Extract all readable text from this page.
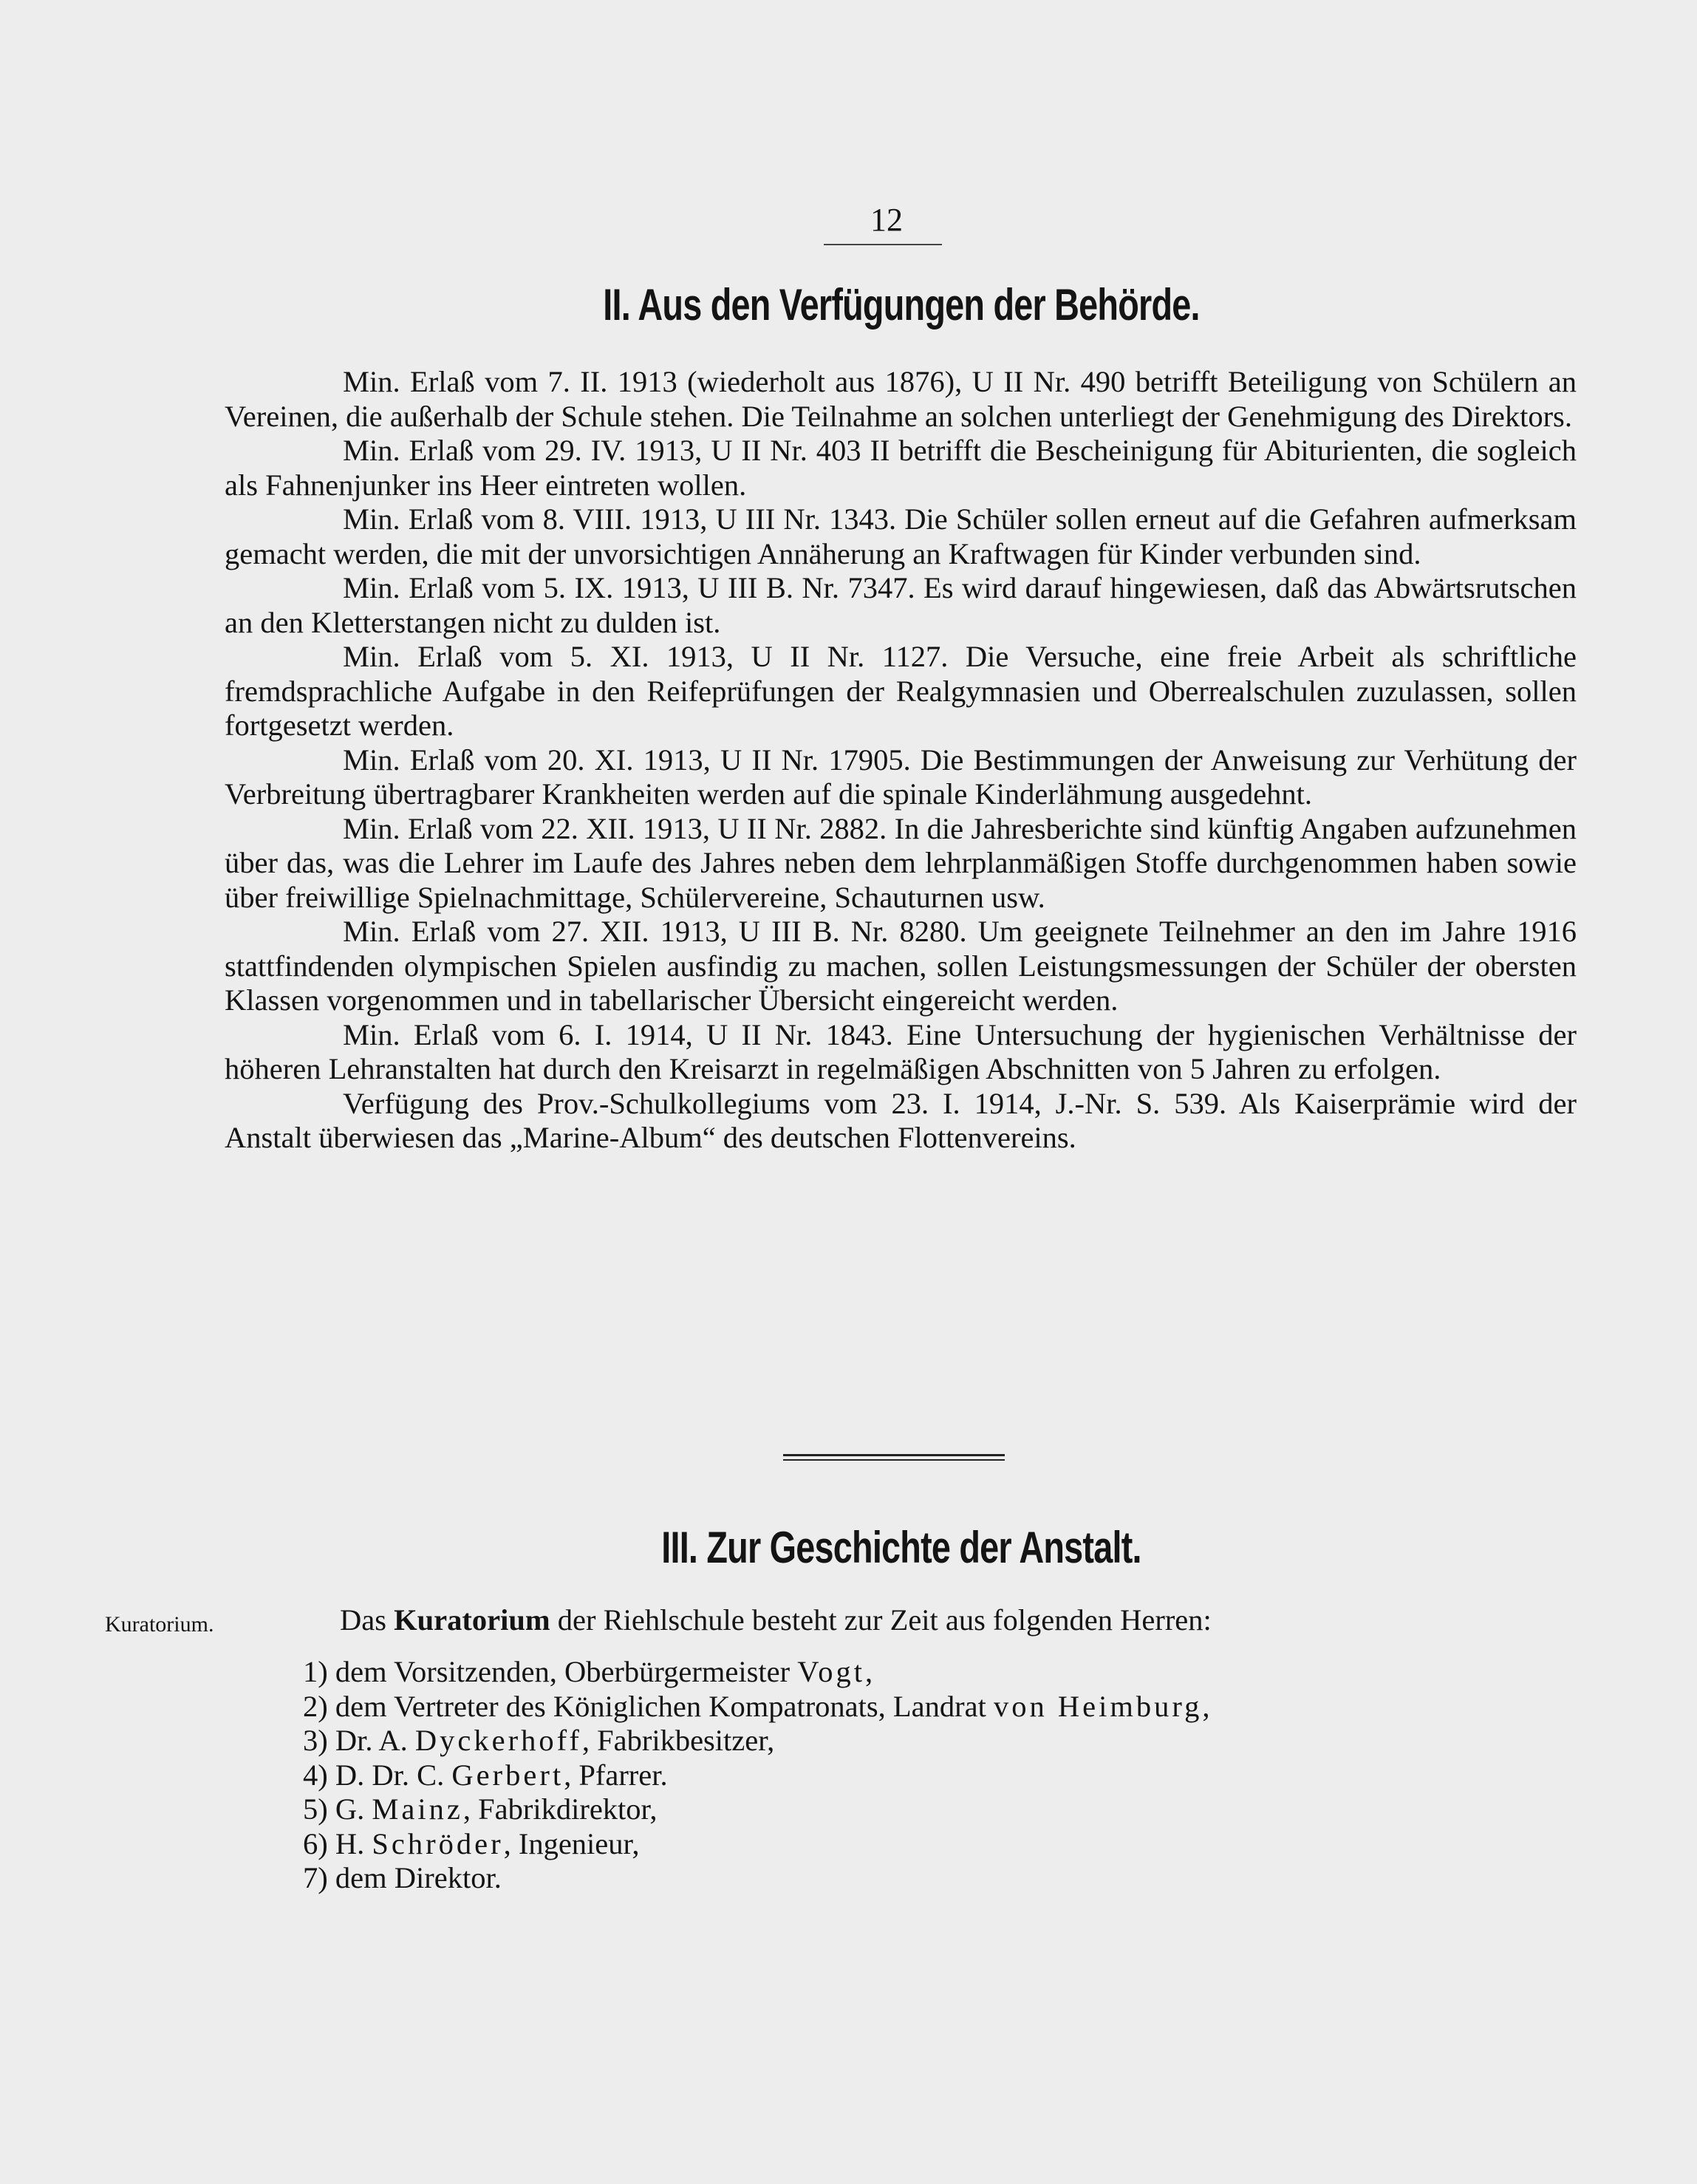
12
II. Aus den Verfügungen der Behörde.

Min. Erlaß vom 7. II. 1913 (wiederholt aus 1876), U II Nr. 490 betrifft Beteiligung von Schülern an Vereinen, die außerhalb der Schule stehen. Die Teilnahme an solchen unterliegt der Genehmigung des Direktors.

Min. Erlaß vom 29. IV. 1913, U II Nr. 403 II betrifft die Bescheinigung für Abiturienten, die sogleich als Fahnenjunker ins Heer eintreten wollen.

Min. Erlaß vom 8. VIII. 1913, U III Nr. 1343. Die Schüler sollen erneut auf die Gefahren aufmerksam gemacht werden, die mit der unvorsichtigen Annäherung an Kraftwagen für Kinder verbunden sind.

Min. Erlaß vom 5. IX. 1913, U III B. Nr. 7347. Es wird darauf hingewiesen, daß das Abwärtsrutschen an den Kletterstangen nicht zu dulden ist.

Min. Erlaß vom 5. XI. 1913, U II Nr. 1127. Die Versuche, eine freie Arbeit als schriftliche fremdsprachliche Aufgabe in den Reifeprüfungen der Realgymnasien und Oberrealschulen zuzulassen, sollen fortgesetzt werden.

Min. Erlaß vom 20. XI. 1913, U II Nr. 17905. Die Bestimmungen der Anweisung zur Verhütung der Verbreitung übertragbarer Krankheiten werden auf die spinale Kinderlähmung ausgedehnt.

Min. Erlaß vom 22. XII. 1913, U II Nr. 2882. In die Jahresberichte sind künftig Angaben aufzunehmen über das, was die Lehrer im Laufe des Jahres neben dem lehrplanmäßigen Stoffe durchgenommen haben sowie über freiwillige Spielnachmittage, Schülervereine, Schauturnen usw.

Min. Erlaß vom 27. XII. 1913, U III B. Nr. 8280. Um geeignete Teilnehmer an den im Jahre 1916 stattfindenden olympischen Spielen ausfindig zu machen, sollen Leistungsmessungen der Schüler der obersten Klassen vorgenommen und in tabellarischer Übersicht eingereicht werden.

Min. Erlaß vom 6. I. 1914, U II Nr. 1843. Eine Untersuchung der hygienischen Verhältnisse der höheren Lehranstalten hat durch den Kreisarzt in regelmäßigen Abschnitten von 5 Jahren zu erfolgen.

Verfügung des Prov.-Schulkollegiums vom 23. I. 1914, J.-Nr. S. 539. Als Kaiserprämie wird der Anstalt überwiesen das „Marine-Album“ des deutschen Flottenvereins.

III. Zur Geschichte der Anstalt.
Kuratorium.	Das Kuratorium der Riehlschule besteht zur Zeit aus folgenden Herren:
1) dem Vorsitzenden, Oberbürgermeister Vogt,
2) dem Vertreter des Königlichen Kompatronats, Landrat von Heimburg,
3) Dr. A. Dyckerhoff, Fabrikbesitzer,
4) D. Dr. C. Gerbert, Pfarrer.
5) G. Mainz, Fabrikdirektor,
6) H. Schröder, Ingenieur,
7) dem Direktor.
